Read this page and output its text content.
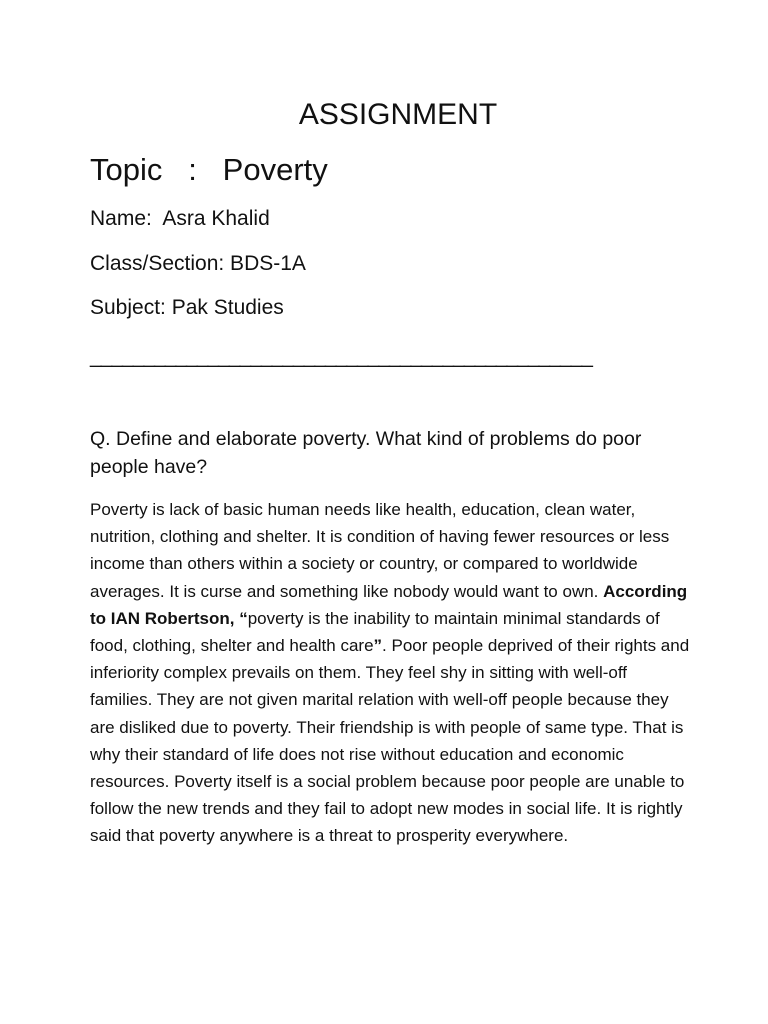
ASSIGNMENT
Topic   :   Poverty
Name:  Asra Khalid
Class/Section: BDS-1A
Subject: Pak Studies
_______________________________________________
Q. Define and elaborate poverty. What kind of problems do poor people have?
Poverty is lack of basic human needs like health, education, clean water, nutrition, clothing and shelter. It is condition of having fewer resources or less income than others within a society or country, or compared to worldwide averages. It is curse and something like nobody would want to own. According to IAN Robertson, “poverty is the inability to maintain minimal standards of food, clothing, shelter and health care”. Poor people deprived of their rights and inferiority complex prevails on them. They feel shy in sitting with well-off families. They are not given marital relation with well-off people because they are disliked due to poverty. Their friendship is with people of same type. That is why their standard of life does not rise without education and economic resources. Poverty itself is a social problem because poor people are unable to follow the new trends and they fail to adopt new modes in social life. It is rightly said that poverty anywhere is a threat to prosperity everywhere.
